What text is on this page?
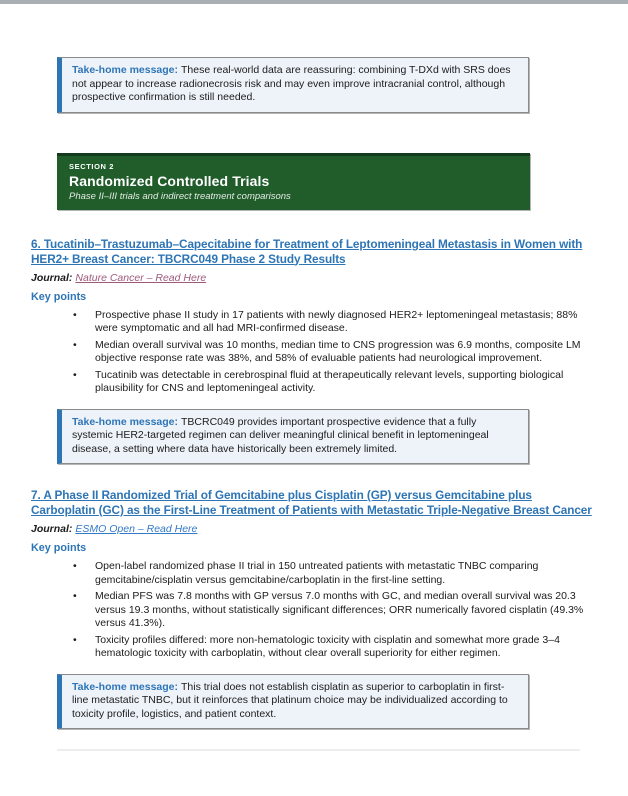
Take-home message: These real-world data are reassuring: combining T-DXd with SRS does not appear to increase radionecrosis risk and may even improve intracranial control, although prospective confirmation is still needed.
SECTION 2
Randomized Controlled Trials
Phase II–III trials and indirect treatment comparisons
6. Tucatinib–Trastuzumab–Capecitabine for Treatment of Leptomeningeal Metastasis in Women with HER2+ Breast Cancer: TBCRC049 Phase 2 Study Results

Journal: Nature Cancer – Read Here

Key points
• Prospective phase II study in 17 patients with newly diagnosed HER2+ leptomeningeal metastasis; 88% were symptomatic and all had MRI-confirmed disease.
• Median overall survival was 10 months, median time to CNS progression was 6.9 months, composite LM objective response rate was 38%, and 58% of evaluable patients had neurological improvement.
• Tucatinib was detectable in cerebrospinal fluid at therapeutically relevant levels, supporting biological plausibility for CNS and leptomeningeal activity.
Take-home message: TBCRC049 provides important prospective evidence that a fully systemic HER2-targeted regimen can deliver meaningful clinical benefit in leptomeningeal disease, a setting where data have historically been extremely limited.
7. A Phase II Randomized Trial of Gemcitabine plus Cisplatin (GP) versus Gemcitabine plus Carboplatin (GC) as the First-Line Treatment of Patients with Metastatic Triple-Negative Breast Cancer

Journal: ESMO Open – Read Here

Key points
• Open-label randomized phase II trial in 150 untreated patients with metastatic TNBC comparing gemcitabine/cisplatin versus gemcitabine/carboplatin in the first-line setting.
• Median PFS was 7.8 months with GP versus 7.0 months with GC, and median overall survival was 20.3 versus 19.3 months, without statistically significant differences; ORR numerically favored cisplatin (49.3% versus 41.3%).
• Toxicity profiles differed: more non-hematologic toxicity with cisplatin and somewhat more grade 3–4 hematologic toxicity with carboplatin, without clear overall superiority for either regimen.
Take-home message: This trial does not establish cisplatin as superior to carboplatin in first-line metastatic TNBC, but it reinforces that platinum choice may be individualized according to toxicity profile, logistics, and patient context.
